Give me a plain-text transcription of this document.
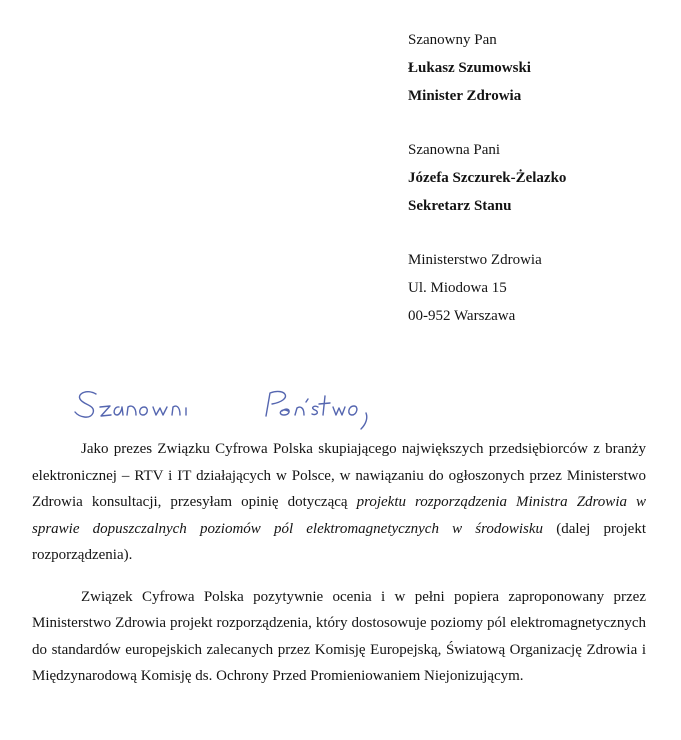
Szanowny Pan
Łukasz Szumowski
Minister Zdrowia
Szanowna Pani
Józefa Szczurek-Żelazko
Sekretarz Stanu
Ministerstwo Zdrowia
Ul. Miodowa 15
00-952 Warszawa

Jako prezes Związku Cyfrowa Polska skupiającego największych przedsiębiorców z branży elektronicznej – RTV i IT działających w Polsce, w nawiązaniu do ogłoszonych przez Ministerstwo Zdrowia konsultacji, przesyłam opinię dotyczącą projektu rozporządzenia Ministra Zdrowia w sprawie dopuszczalnych poziomów pól elektromagnetycznych w środowisku (dalej projekt rozporządzenia).

Związek Cyfrowa Polska pozytywnie ocenia i w pełni popiera zaproponowany przez Ministerstwo Zdrowia projekt rozporządzenia, który dostosowuje poziomy pól elektromagnetycznych do standardów europejskich zalecanych przez Komisję Europejską, Światową Organizację Zdrowia i Międzynarodową Komisję ds. Ochrony Przed Promieniowaniem Niejonizującym.
